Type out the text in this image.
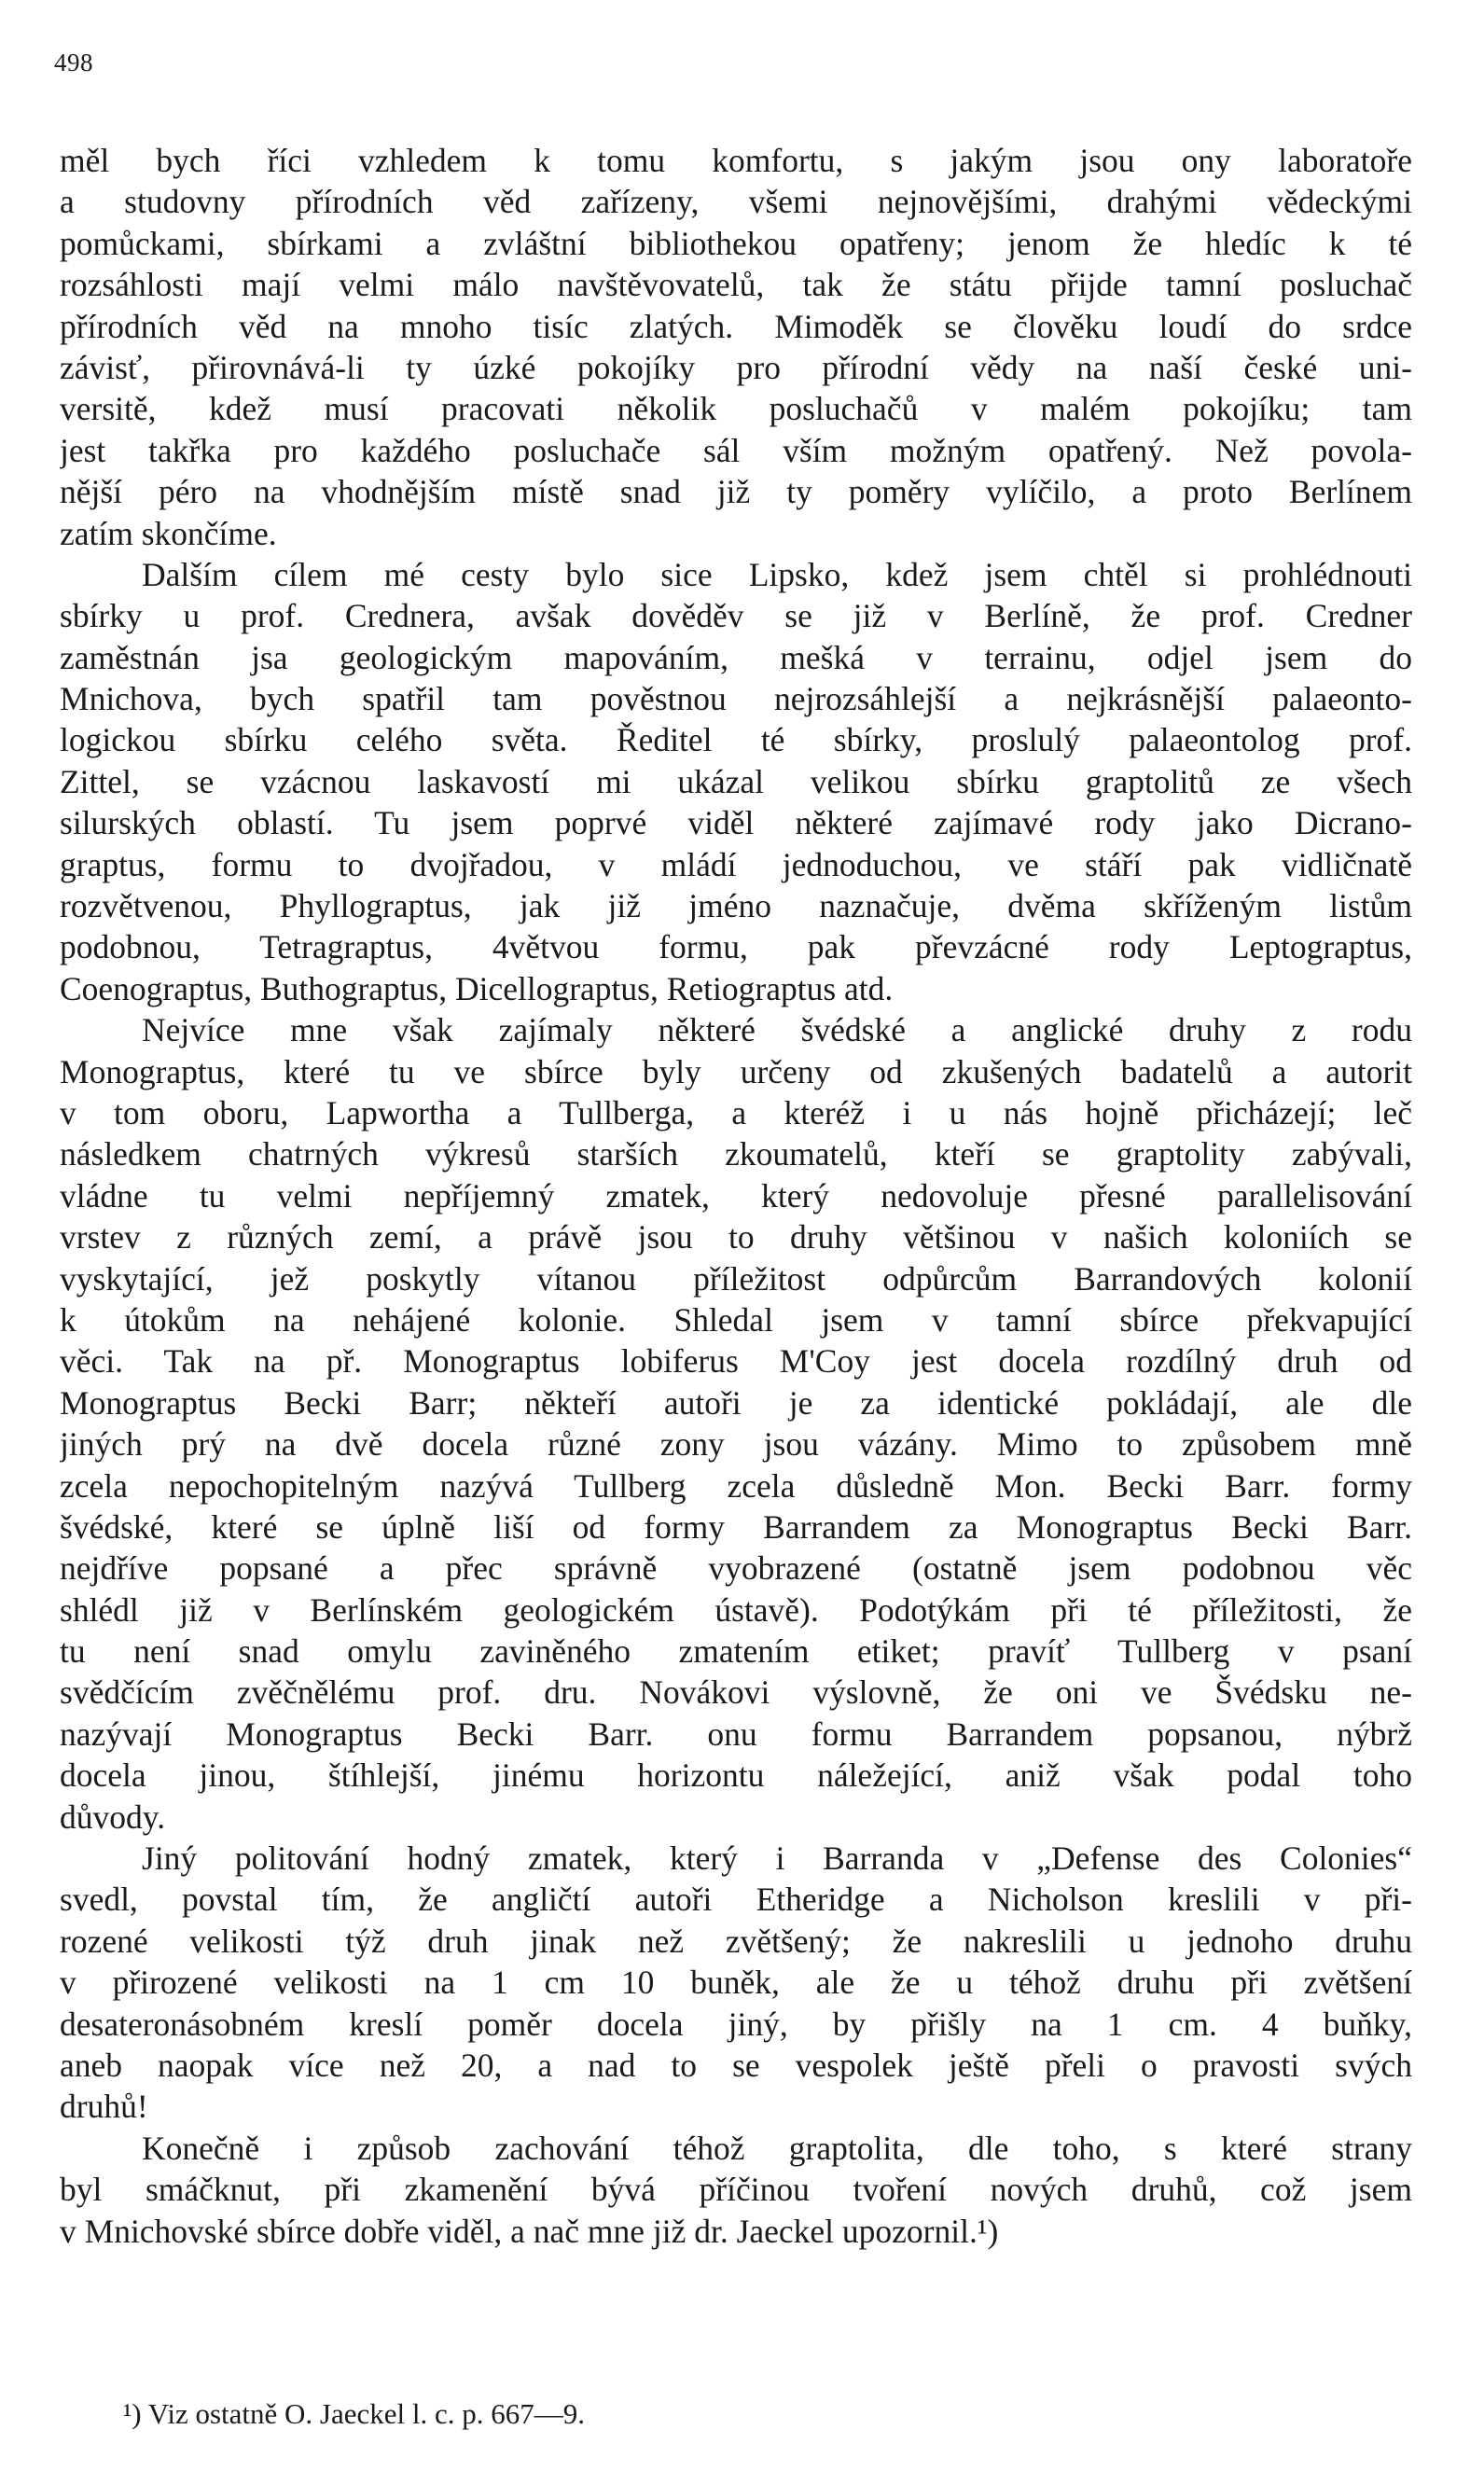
498
měl bych říci vzhledem k tomu komfortu, s jakým jsou ony laboratoře
a studovny přírodních věd zařízeny, všemi nejnovějšími, drahými vědeckými
pomůckami, sbírkami a zvláštní bibliothekou opatřeny; jenom že hledíc k té
rozsáhlosti mají velmi málo navštěvovatelů, tak že státu přijde tamní posluchač
přírodních věd na mnoho tisíc zlatých. Mimoděk se člověku loudí do srdce
závisť, přirovnává-li ty úzké pokojíky pro přírodní vědy na naší české uni-
versitě, kdež musí pracovati několik posluchačů v malém pokojíku; tam
jest takřka pro každého posluchače sál vším možným opatřený. Než povola-
nější péro na vhodnějším místě snad již ty poměry vylíčilo, a proto Berlínem
zatím skončíme.
Dalším cílem mé cesty bylo sice Lipsko, kdež jsem chtěl si prohlédnouti
sbírky u prof. Crednera, avšak dověděv se již v Berlíně, že prof. Credner
zaměstnán jsa geologickým mapováním, mešká v terrainu, odjel jsem do
Mnichova, bych spatřil tam pověstnou nejrozsáhlejší a nejkrásnější palaeonto-
logickou sbírku celého světa. Ředitel té sbírky, proslulý palaeontolog prof.
Zittel, se vzácnou laskavostí mi ukázal velikou sbírku graptolitů ze všech
silurských oblastí. Tu jsem poprvé viděl některé zajímavé rody jako Dicrano-
graptus, formu to dvojřadou, v mládí jednoduchou, ve stáří pak vidličnatě
rozvětvenou, Phyllograptus, jak již jméno naznačuje, dvěma skříženým listům
podobnou, Tetragraptus, 4větvou formu, pak převzácné rody Leptograptus,
Coenograptus, Buthograptus, Dicellograptus, Retiograptus atd.
Nejvíce mne však zajímaly některé švédské a anglické druhy z rodu
Monograptus, které tu ve sbírce byly určeny od zkušených badatelů a autorit
v tom oboru, Lapwortha a Tullberga, a kteréž i u nás hojně přicházejí; leč
následkem chatrných výkresů starších zkoumatelů, kteří se graptolity zabývali,
vládne tu velmi nepříjemný zmatek, který nedovoluje přesné parallelisování
vrstev z různých zemí, a právě jsou to druhy většinou v našich koloniích se
vyskytající, jež poskytly vítanou příležitost odpůrcům Barrandových kolonií
k útokům na nehájené kolonie. Shledal jsem v tamní sbírce překvapující
věci. Tak na př. Monograptus lobiferus M'Coy jest docela rozdílný druh od
Monograptus Becki Barr; někteří autoři je za identické pokládají, ale dle
jiných prý na dvě docela různé zony jsou vázány. Mimo to způsobem mně
zcela nepochopitelným nazývá Tullberg zcela důsledně Mon. Becki Barr. formy
švédské, které se úplně liší od formy Barrandem za Monograptus Becki Barr.
nejdříve popsané a přec správně vyobrazené (ostatně jsem podobnou věc
shlédl již v Berlínském geologickém ústavě). Podotýkám při té příležitosti, že
tu není snad omylu zaviněného zmatením etiket; pravíť Tullberg v psaní
svědčícím zvěčnělému prof. dru. Novákovi výslovně, že oni ve Švédsku ne-
nazývají Monograptus Becki Barr. onu formu Barrandem popsanou, nýbrž
docela jinou, štíhlejší, jinému horizontu náležející, aniž však podal toho
důvody.
Jiný politování hodný zmatek, který i Barranda v „Defense des Colonies“
svedl, povstal tím, že angličtí autoři Etheridge a Nicholson kreslili v při-
rozené velikosti týž druh jinak než zvětšený; že nakreslili u jednoho druhu
v přirozené velikosti na 1 cm 10 buněk, ale že u téhož druhu při zvětšení
desateronásobném kreslí poměr docela jiný, by přišly na 1 cm. 4 buňky,
aneb naopak více než 20, a nad to se vespolek ještě přeli o pravosti svých
druhů!
Konečně i způsob zachování téhož graptolita, dle toho, s které strany
byl smáčknut, při zkamenění bývá příčinou tvoření nových druhů, což jsem
v Mnichovské sbírce dobře viděl, a nač mne již dr. Jaeckel upozornil.¹)
¹) Viz ostatně O. Jaeckel l. c. p. 667—9.
